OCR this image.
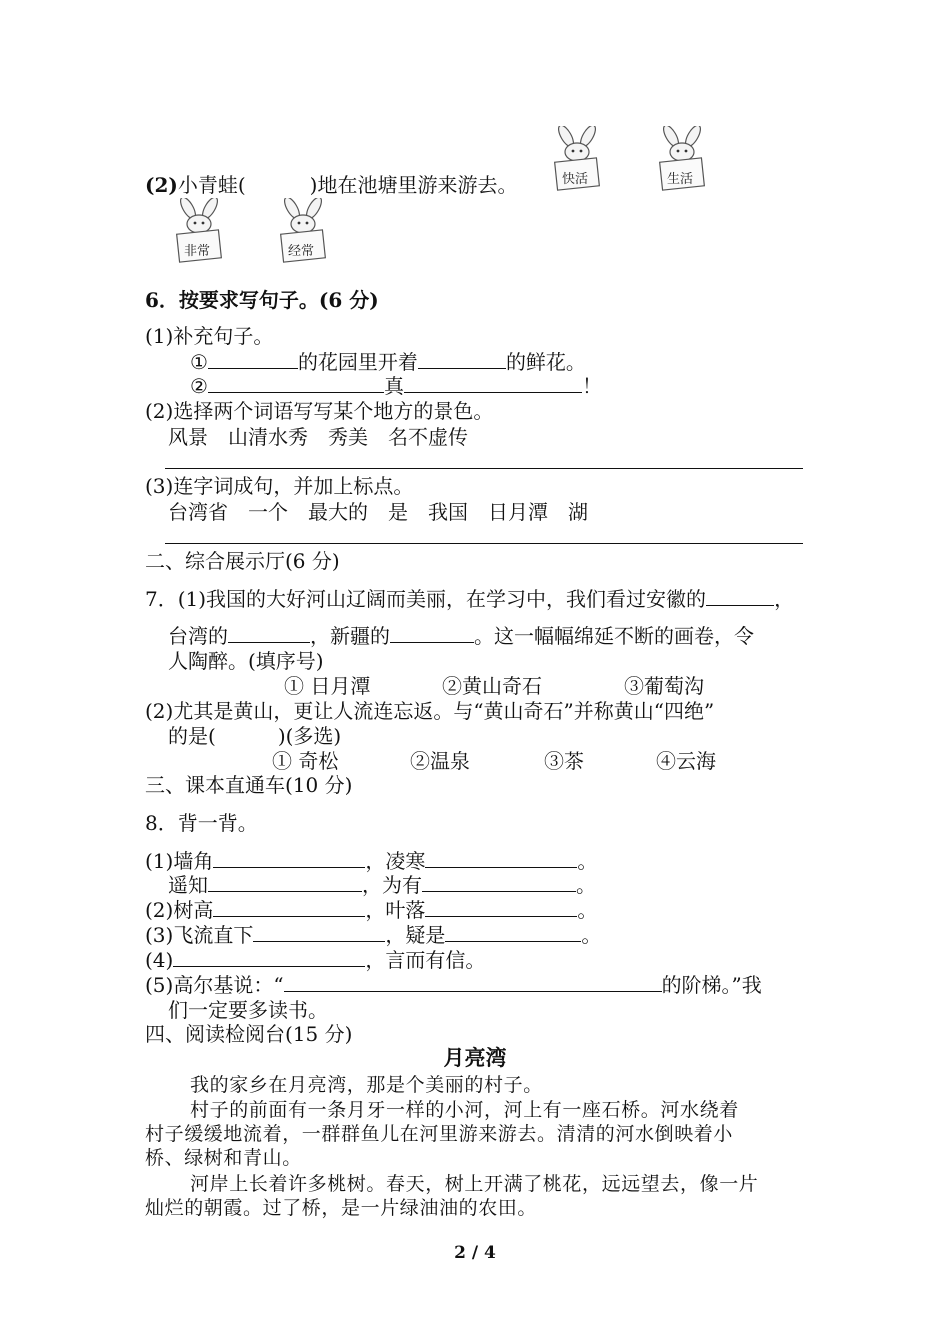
(2)小青蛙(	)地在池塘里游来游去。	快活	生活
非常	经常
6．按要求写句子。(6 分)
(1)补充句子。
①	的花园里开着	的鲜花。
②	真	！
(2)选择两个词语写写某个地方的景色。
风景　山清水秀　秀美　名不虚传
(3)连字词成句，并加上标点。
台湾省　一个　最大的　是　我国　日月潭　湖
二、综合展示厅(6 分)
7．(1)我国的大好河山辽阔而美丽，在学习中，我们看过安徽的	，
台湾的	，新疆的	。这一幅幅绵延不断的画卷，令
人陶醉。(填序号)
① 日月潭	②黄山奇石	③葡萄沟
(2)尤其是黄山，更让人流连忘返。与“黄山奇石”并称黄山“四绝”
的是(	)(多选)
① 奇松	②温泉	③茶	④云海
三、课本直通车(10 分)
8．背一背。
(1)墙角	，凌寒	。
遥知	，为有	。
(2)树高	，叶落	。
(3)飞流直下	，疑是	。
(4)	，言而有信。
(5)高尔基说：“	的阶梯。”我
们一定要多读书。
四、阅读检阅台(15 分)
月亮湾
我的家乡在月亮湾，那是个美丽的村子。
村子的前面有一条月牙一样的小河，河上有一座石桥。河水绕着
村子缓缓地流着，一群群鱼儿在河里游来游去。清清的河水倒映着小
桥、绿树和青山。
河岸上长着许多桃树。春天，树上开满了桃花，远远望去，像一片
灿烂的朝霞。过了桥，是一片绿油油的农田。
2 / 4
